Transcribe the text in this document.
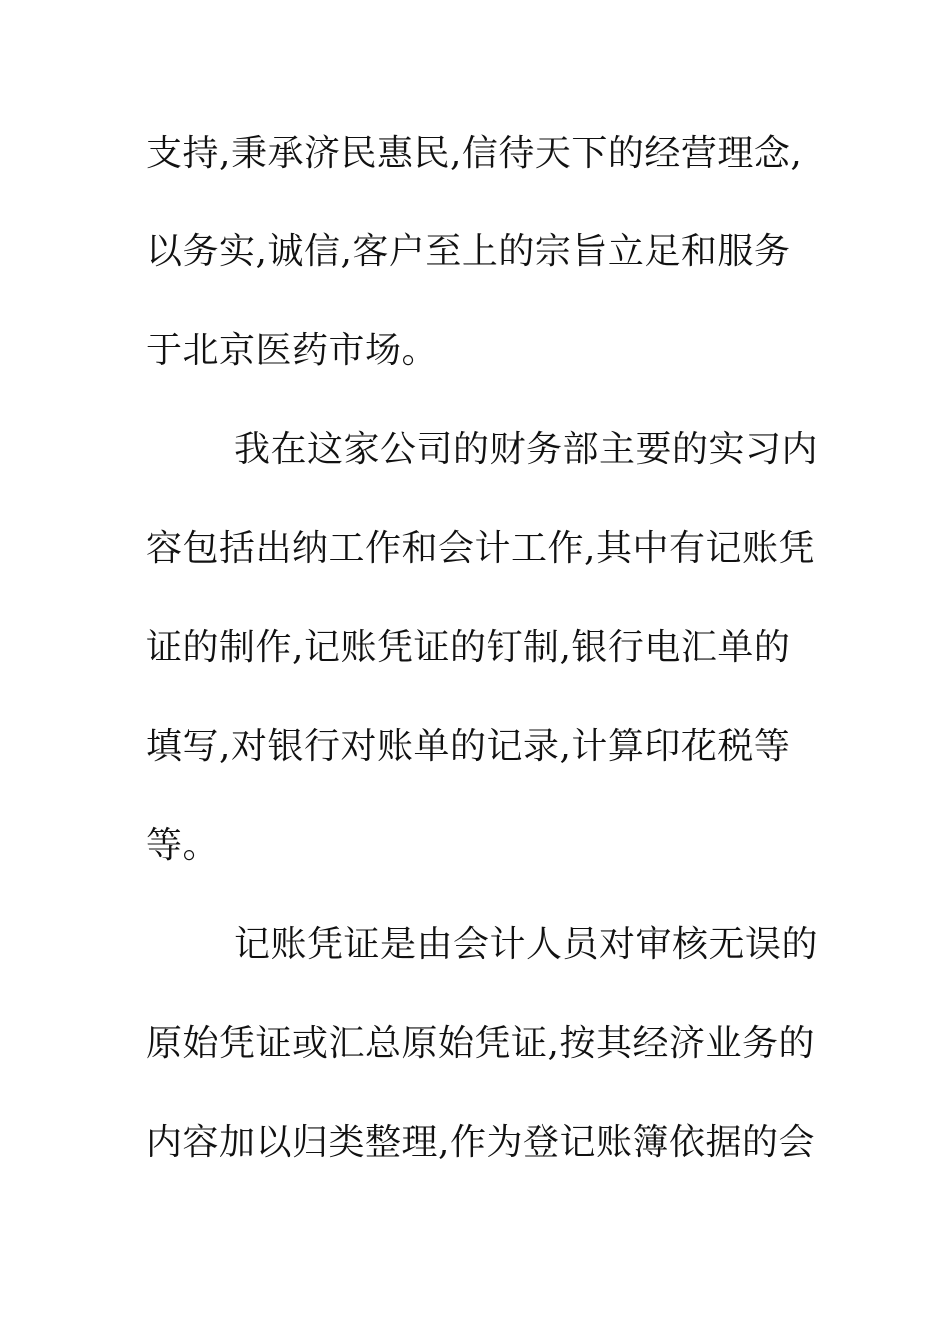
支持,秉承济民惠民,信待天下的经营理念,
以务实,诚信,客户至上的宗旨立足和服务
于北京医药市场。
我在这家公司的财务部主要的实习内
容包括出纳工作和会计工作,其中有记账凭
证的制作,记账凭证的钉制,银行电汇单的
填写,对银行对账单的记录,计算印花税等
等。
记账凭证是由会计人员对审核无误的
原始凭证或汇总原始凭证,按其经济业务的
内容加以归类整理,作为登记账簿依据的会
